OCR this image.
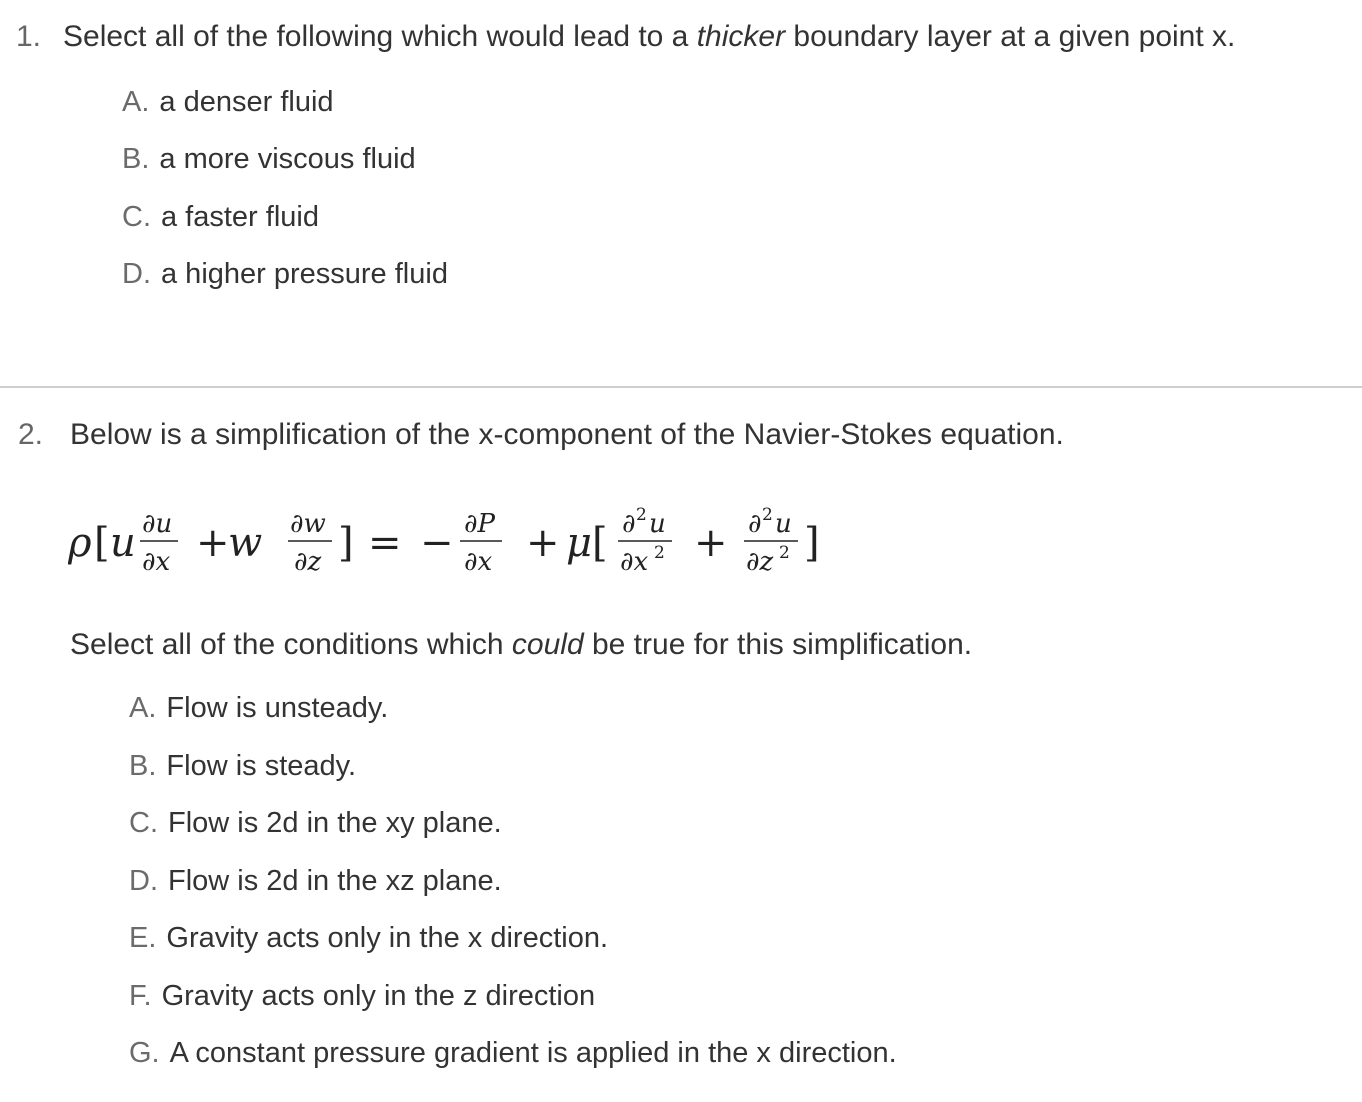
1. Select all of the following which would lead to a thicker boundary layer at a given point x.
A. a denser fluid
B. a more viscous fluid
C. a faster fluid
D. a higher pressure fluid
2. Below is a simplification of the x-component of the Navier-Stokes equation.
ρ [ u ∂u
∂x +
w ∂w
∂z ] = − ∂P
∂x + μ [ ∂ 2 u
∂x 2 + ∂ 2 u
∂z 2 ]
Select all of the conditions which could be true for this simplification.
A. Flow is unsteady.
B. Flow is steady.
C. Flow is 2d in the xy plane.
D. Flow is 2d in the xz plane.
E. Gravity acts only in the x direction.
F. Gravity acts only in the z direction
G. A constant pressure gradient is applied in the x direction.
